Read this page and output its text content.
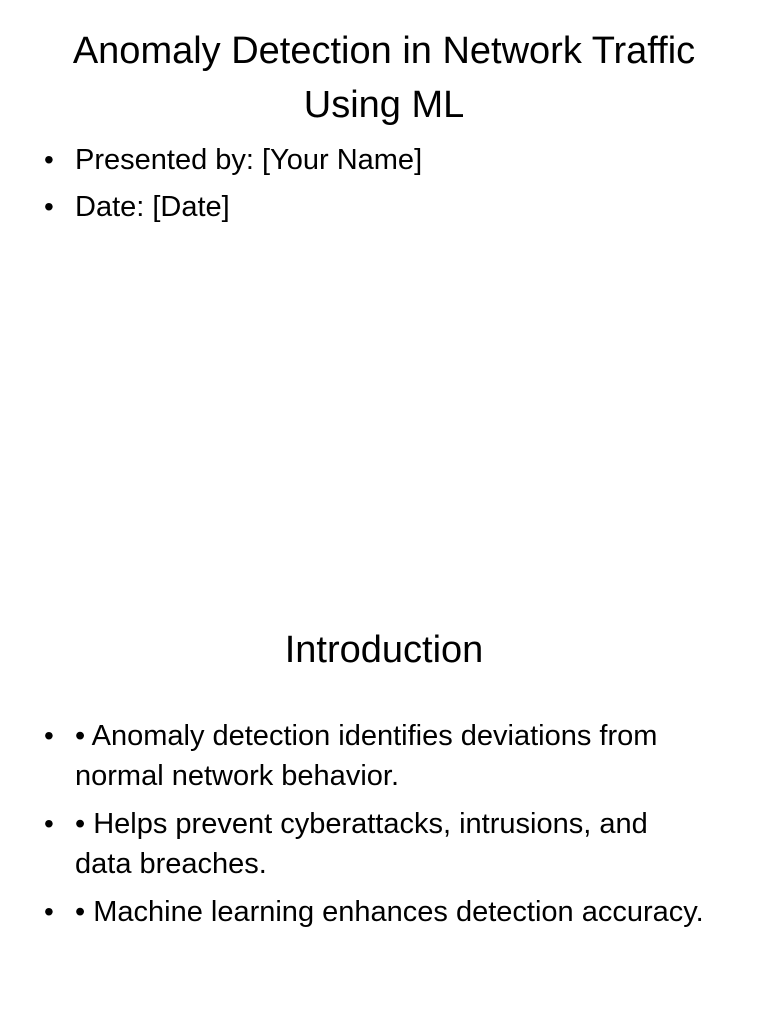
Anomaly Detection in Network Traffic Using ML
• Presented by: [Your Name]
• Date: [Date]
Introduction
• • Anomaly detection identifies deviations from normal network behavior.
• • Helps prevent cyberattacks, intrusions, and data breaches.
• • Machine learning enhances detection accuracy.
